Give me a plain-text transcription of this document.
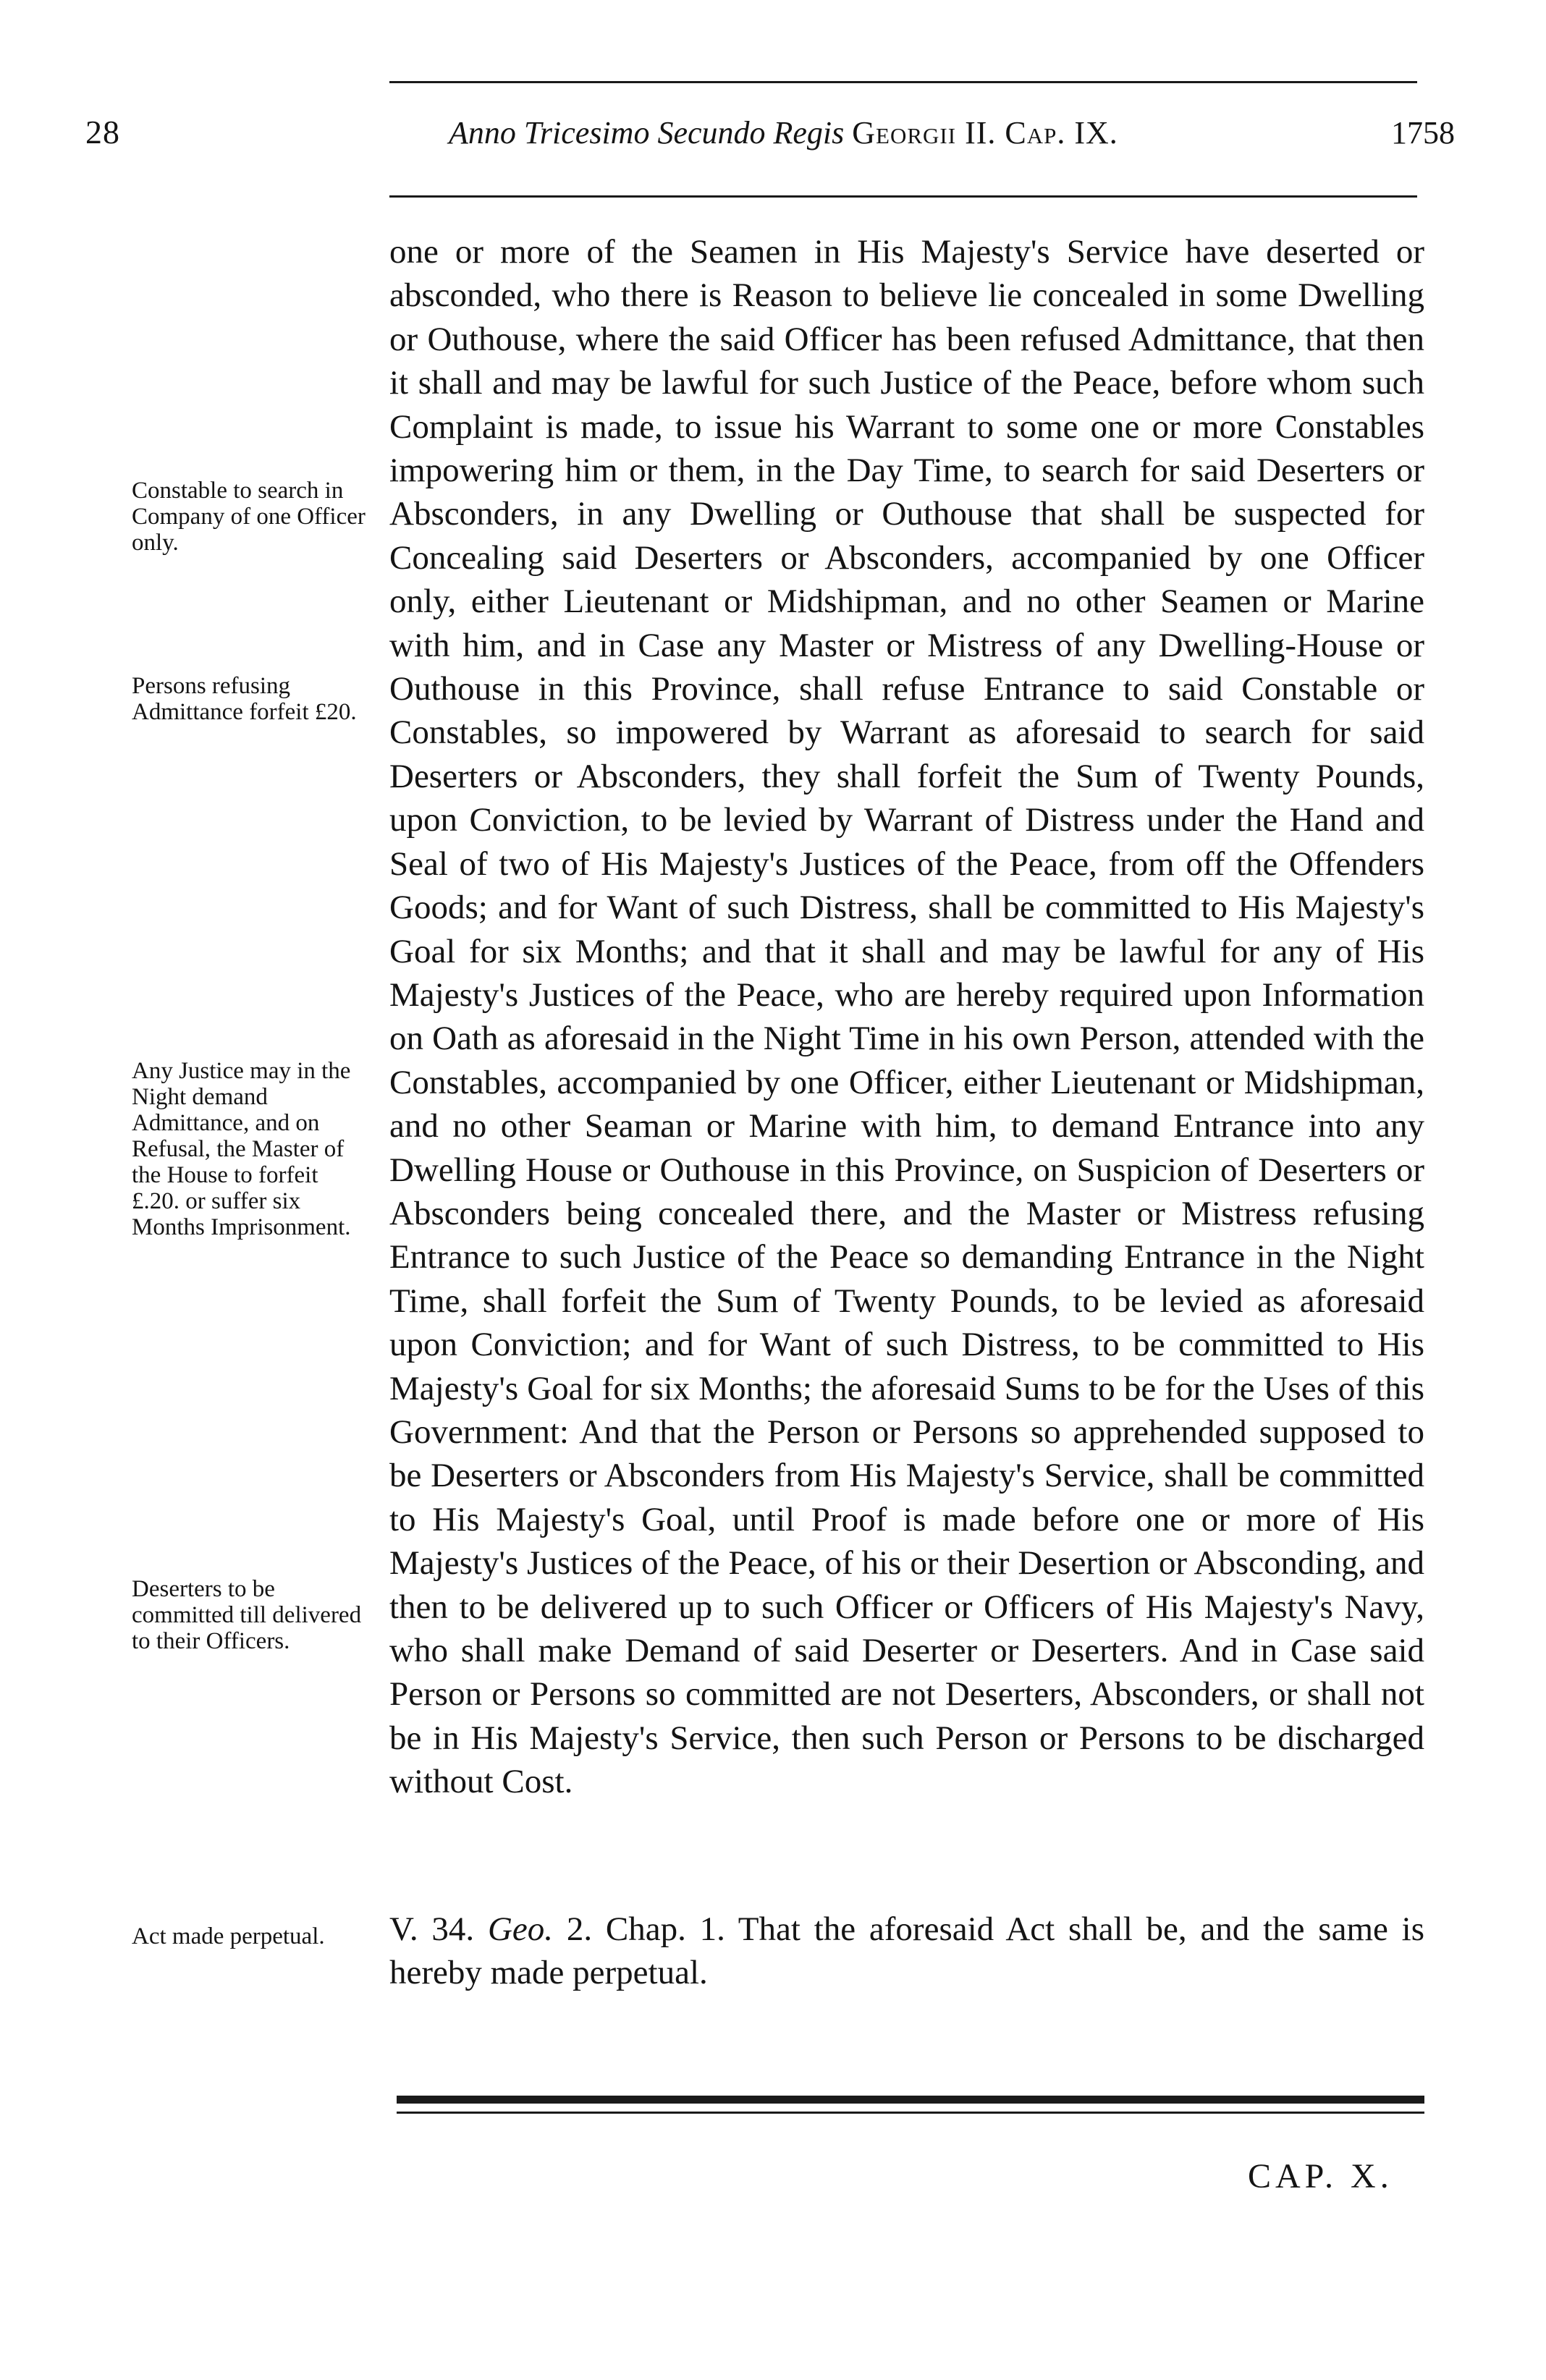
28	Anno Tricesimo Secundo Regis Georgii II. Cap. IX.	1758

one or more of the Seamen in His Majesty's Service have deserted or absconded, who there is Reason to believe lie concealed in some Dwelling or Outhouse, where the said Officer has been refused Admittance, that then it shall and may be lawful for such Justice of the Peace, before whom such Complaint is made, to issue his Warrant to some one or more Constables impowering him or them, in the Day Time, to search for said Deserters or Absconders, in any Dwelling or Outhouse that shall be suspected for Concealing said Deserters or Absconders, accompanied by one Officer only, either Lieutenant or Midshipman, and no other Seamen or Marine with him, and in Case any Master or Mistress of any Dwelling-House or Outhouse in this Province, shall refuse Entrance to said Constable or Constables, so impowered by Warrant as aforesaid to search for said Deserters or Absconders, they shall forfeit the Sum of Twenty Pounds, upon Conviction, to be levied by Warrant of Distress under the Hand and Seal of two of His Majesty's Justices of the Peace, from off the Offenders Goods; and for Want of such Distress, shall be committed to His Majesty's Goal for six Months; and that it shall and may be lawful for any of His Majesty's Justices of the Peace, who are hereby required upon Information on Oath as aforesaid in the Night Time in his own Person, attended with the Constables, accompanied by one Officer, either Lieutenant or Midshipman, and no other Seaman or Marine with him, to demand Entrance into any Dwelling House or Outhouse in this Province, on Suspicion of Deserters or Absconders being concealed there, and the Master or Mistress refusing Entrance to such Justice of the Peace so demanding Entrance in the Night Time, shall forfeit the Sum of Twenty Pounds, to be levied as aforesaid upon Conviction; and for Want of such Distress, to be committed to His Majesty's Goal for six Months; the aforesaid Sums to be for the Uses of this Government: And that the Person or Persons so apprehended supposed to be Deserters or Absconders from His Majesty's Service, shall be committed to His Majesty's Goal, until Proof is made before one or more of His Majesty's Justices of the Peace, of his or their Desertion or Absconding, and then to be delivered up to such Officer or Officers of His Majesty's Navy, who shall make Demand of said Deserter or Deserters. And in Case said Person or Persons so committed are not Deserters, Absconders, or shall not be in His Majesty's Service, then such Person or Persons to be discharged without Cost.

V. 34. Geo. 2. Chap. 1. That the aforesaid Act shall be, and the same is hereby made perpetual.
Constable to search in Company of one Officer only.
Persons refusing Admittance forfeit £20.
Any Justice may in the Night demand Admittance, and on Refusal, the Master of the House to forfeit £.20. or suffer six Months Imprisonment.
Deserters to be committed till delivered to their Officers.
Act made perpetual.
CAP. X.
